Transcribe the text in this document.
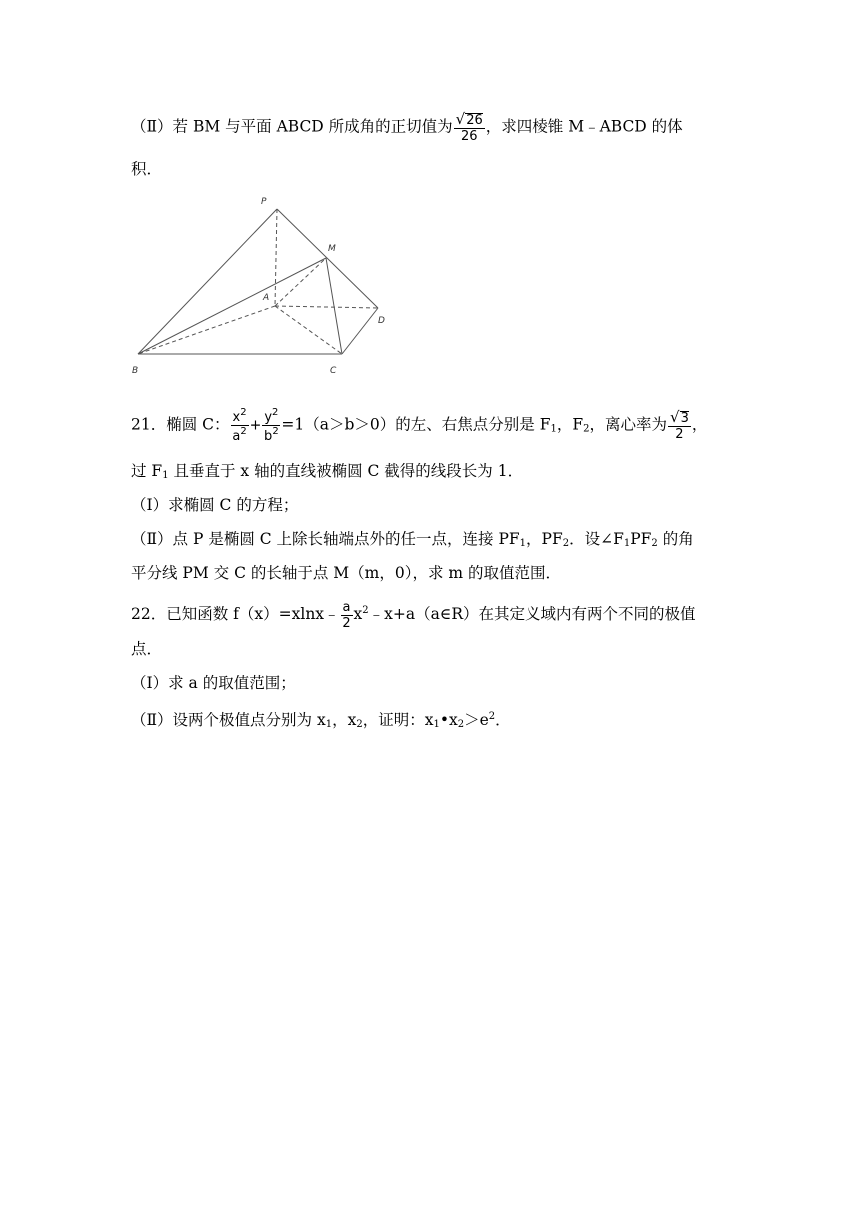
（Ⅱ）若 BM 与平面 ABCD 所成角的正切值为 $\frac{√26}{26}$ ，求四棱锥 M﹣ABCD 的体
积．
P
M
A
D
B	C
21．椭圆 C： $\frac{x^2}{a^2} + \frac{y^2}{b^2} =1(a>b>0)$的左、右焦点分别是 $F_1$，$F_2$，离心率为 $\frac{√3}{2}$ ，
过 $F_1$ 且垂直于 x 轴的直线被椭圆 C 截得的线段长为 1．
（Ⅰ）求椭圆 C 的方程；
（Ⅱ）点 P 是椭圆 C 上除长轴端点外的任一点，连接 $PF_1$，$PF_2$．设$\angle F_1PF_2$ 的角
平分线 PM 交 C 的长轴于点 M（m，0），求 m 的取值范围．
22．已知函数 f（x）=xlnx﹣ $\frac{a}{2}$ $x^2﹣x+a(a\in R)$在其定义域内有两个不同的极值
点．
（Ⅰ）求 a 的取值范围；
（Ⅱ）设两个极值点分别为 $x_1$，$x_2$，证明：$x_1•x_2>e^2$．
